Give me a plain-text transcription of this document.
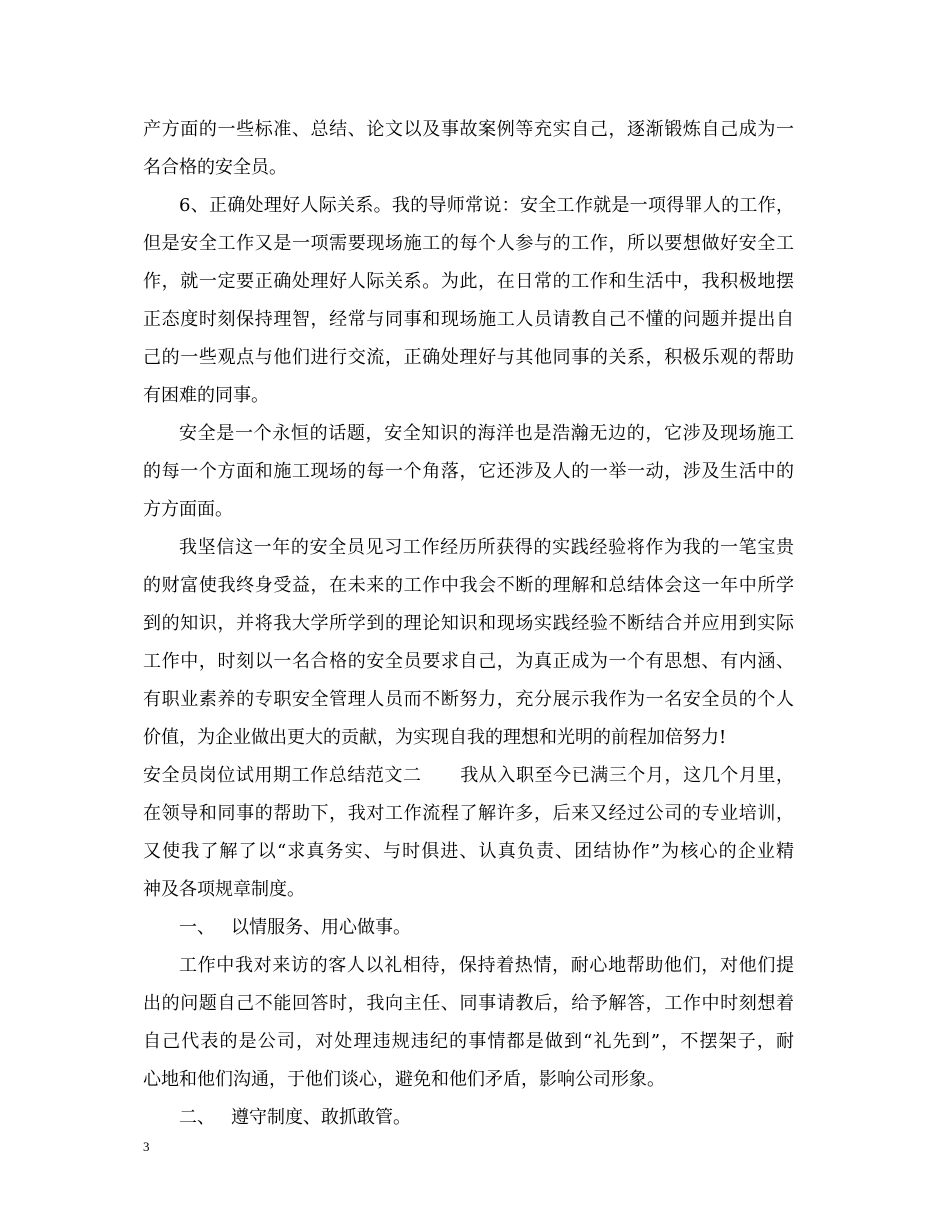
产方面的一些标准、总结、论文以及事故案例等充实自己，逐渐锻炼自己成为一
名合格的安全员。
6、正确处理好人际关系。我的导师常说：安全工作就是一项得罪人的工作，
但是安全工作又是一项需要现场施工的每个人参与的工作，所以要想做好安全工
作，就一定要正确处理好人际关系。为此，在日常的工作和生活中，我积极地摆
正态度时刻保持理智，经常与同事和现场施工人员请教自己不懂的问题并提出自
己的一些观点与他们进行交流，正确处理好与其他同事的关系，积极乐观的帮助
有困难的同事。
安全是一个永恒的话题，安全知识的海洋也是浩瀚无边的，它涉及现场施工
的每一个方面和施工现场的每一个角落，它还涉及人的一举一动，涉及生活中的
方方面面。
我坚信这一年的安全员见习工作经历所获得的实践经验将作为我的一笔宝贵
的财富使我终身受益，在未来的工作中我会不断的理解和总结体会这一年中所学
到的知识，并将我大学所学到的理论知识和现场实践经验不断结合并应用到实际
工作中，时刻以一名合格的安全员要求自己，为真正成为一个有思想、有内涵、
有职业素养的专职安全管理人员而不断努力，充分展示我作为一名安全员的个人
价值，为企业做出更大的贡献，为实现自我的理想和光明的前程加倍努力!
安全员岗位试用期工作总结范文二 我从入职至今已满三个月，这几个月里，
在领导和同事的帮助下，我对工作流程了解许多，后来又经过公司的专业培训，
又使我了解了以“求真务实、与时俱进、认真负责、团结协作”为核心的企业精
神及各项规章制度。
一、 以情服务、用心做事。
工作中我对来访的客人以礼相待，保持着热情，耐心地帮助他们，对他们提
出的问题自己不能回答时，我向主任、同事请教后，给予解答，工作中时刻想着
自己代表的是公司，对处理违规违纪的事情都是做到“礼先到”，不摆架子，耐
心地和他们沟通，于他们谈心，避免和他们矛盾，影响公司形象。
二、 遵守制度、敢抓敢管。
3
